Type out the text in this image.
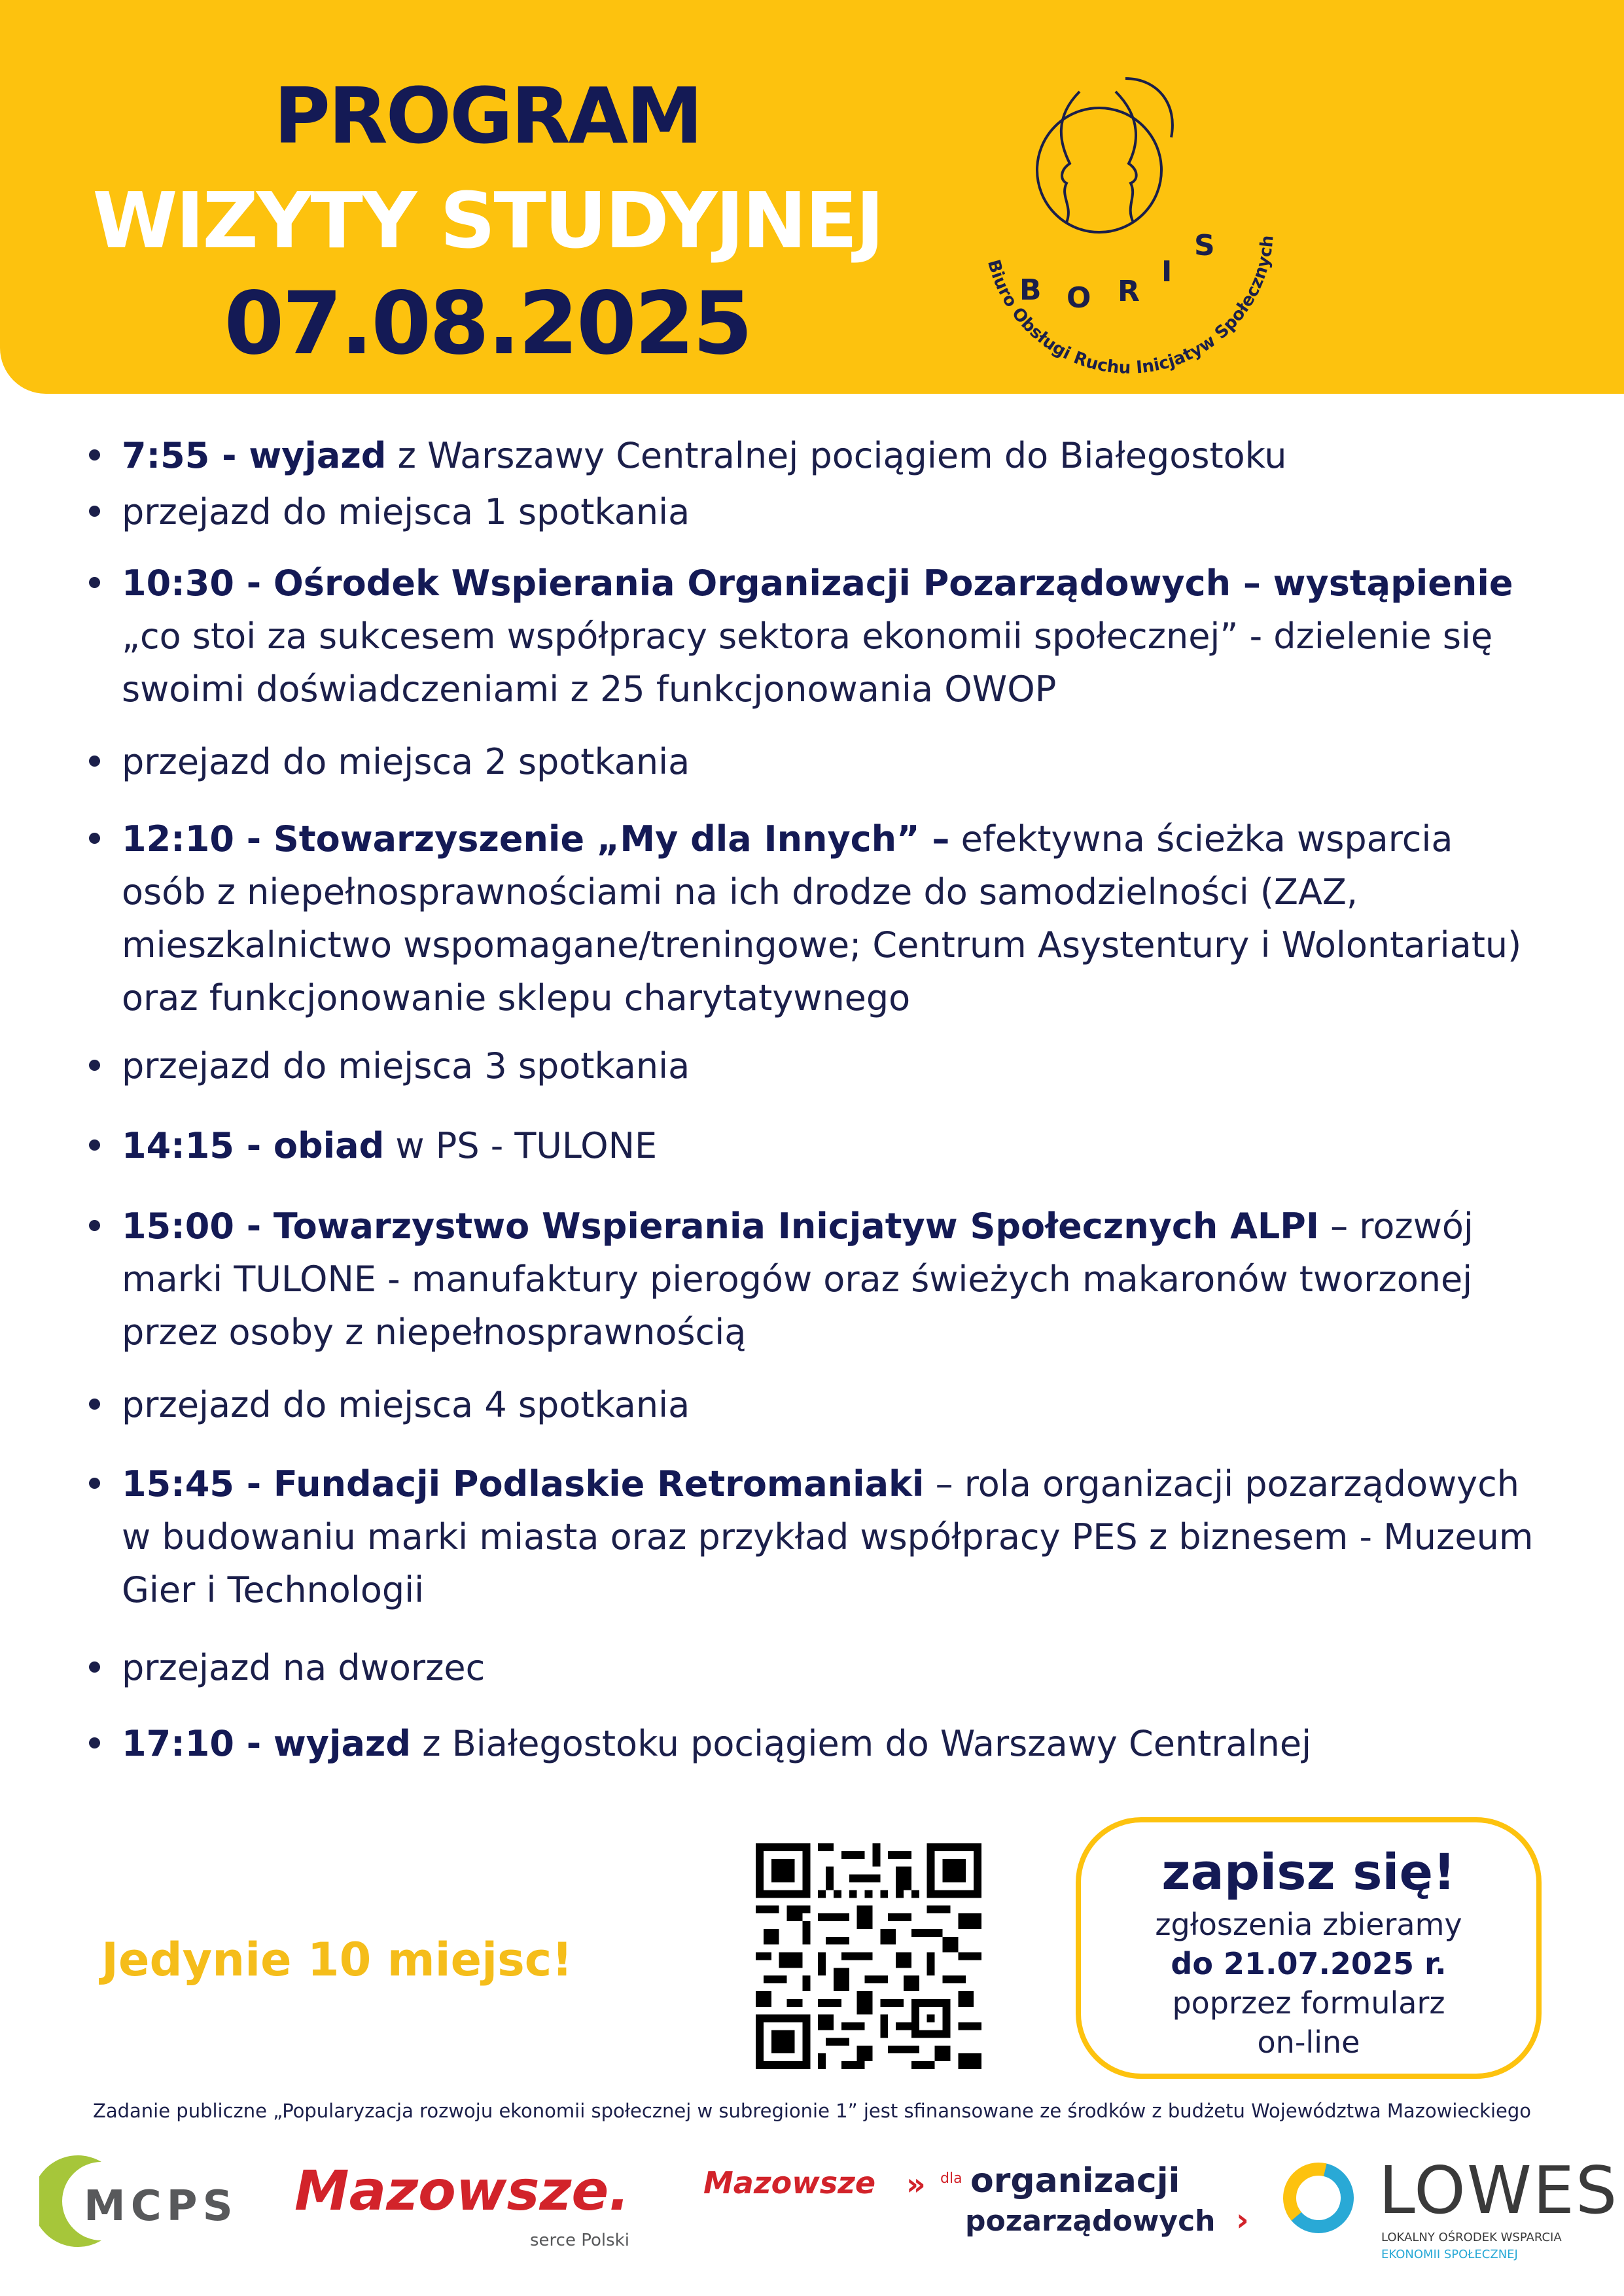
PROGRAM
WIZYTY STUDYJNEJ
07.08.2025	B O R
I
S
Biuro Obsługi Ruchu Inicjatyw Społecznych
7:55 - wyjazd z Warszawy Centralnej pociągiem do Białegostoku
przejazd do miejsca 1 spotkania
10:30 - Ośrodek Wspierania Organizacji Pozarządowych – wystąpienie „co stoi za sukcesem współpracy sektora ekonomii społecznej” - dzielenie się swoimi doświadczeniami z 25 funkcjonowania OWOP
przejazd do miejsca 2 spotkania
12:10 - Stowarzyszenie „My dla Innych” – efektywna ścieżka wsparcia osób z niepełnosprawnościami na ich drodze do samodzielności (ZAZ, mieszkalnictwo wspomagane/treningowe; Centrum Asystentury i Wolontariatu) oraz funkcjonowanie sklepu charytatywnego
przejazd do miejsca 3 spotkania
14:15 - obiad w PS - TULONE
15:00 - Towarzystwo Wspierania Inicjatyw Społecznych ALPI – rozwój marki TULONE - manufaktury pierogów oraz świeżych makaronów tworzonej przez osoby z niepełnosprawnością
przejazd do miejsca 4 spotkania
15:45 - Fundacji Podlaskie Retromaniaki – rola organizacji pozarządowych w budowaniu marki miasta oraz przykład współpracy PES z biznesem - Muzeum Gier i Technologii
przejazd na dworzec
17:10 - wyjazd z Białegostoku pociągiem do Warszawy Centralnej
Jedynie 10 miejsc!
zapisz się!
zgłoszenia zbieramy
do 21.07.2025 r.
poprzez formularz
on-line
Zadanie publiczne „Popularyzacja rozwoju ekonomii społecznej w subregionie 1” jest sfinansowane ze środków z budżetu Województwa Mazowieckiego
MCPS Mazowsze.
serce Polski
Mazowsze » dla organizacji
pozarządowych › LOWES
LOKALNY OŚRODEK WSPARCIA
EKONOMII SPOŁECZNEJ
